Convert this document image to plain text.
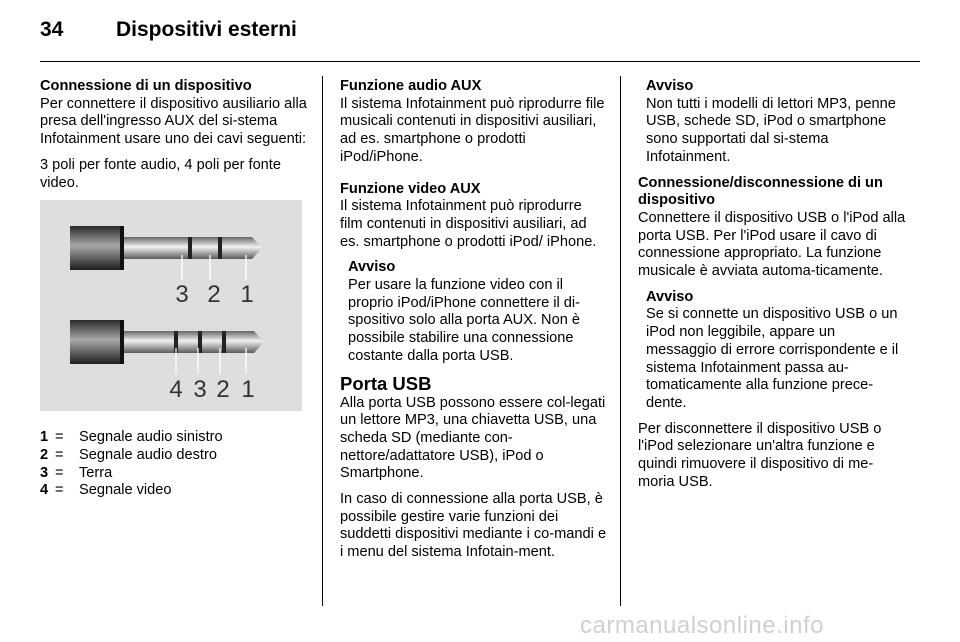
34	Dispositivi esterni
Connessione di un dispositivo

Per connettere il dispositivo ausiliario alla presa dell'ingresso AUX del si-stema Infotainment usare uno dei cavi seguenti:

3 poli per fonte audio, 4 poli per fonte video.

3 2 1
4 3 2 1
1 =	Segnale audio sinistro
2 =	Segnale audio destro
3 =	Terra
4 =	Segnale video
Funzione audio AUX

Il sistema Infotainment può riprodurre file musicali contenuti in dispositivi ausiliari, ad es. smartphone o prodotti iPod/iPhone.

Funzione video AUX

Il sistema Infotainment può riprodurre film contenuti in dispositivi ausiliari, ad es. smartphone o prodotti iPod/ iPhone.

Avviso
Per usare la funzione video con il proprio iPod/iPhone connettere il di-spositivo solo alla porta AUX. Non è possibile stabilire una connessione costante dalla porta USB.
Porta USB

Alla porta USB possono essere col-legati un lettore MP3, una chiavetta USB, una scheda SD (mediante con-nettore/adattatore USB), iPod o Smartphone.

In caso di connessione alla porta USB, è possibile gestire varie funzioni dei suddetti dispositivi mediante i co-mandi e i menu del sistema Infotain-ment.

Avviso
Non tutti i modelli di lettori MP3, penne USB, schede SD, iPod o smartphone sono supportati dal si-stema Infotainment.
Connessione/disconnessione di un dispositivo

Connettere il dispositivo USB o l'iPod alla porta USB. Per l'iPod usare il cavo di connessione appropriato. La funzione musicale è avviata automa-ticamente.

Avviso
Se si connette un dispositivo USB o un iPod non leggibile, appare un messaggio di errore corrispondente e il sistema Infotainment passa au-tomaticamente alla funzione prece-dente.

Per disconnettere il dispositivo USB o l'iPod selezionare un'altra funzione e quindi rimuovere il dispositivo di me-moria USB.

carmanualsonline.info
